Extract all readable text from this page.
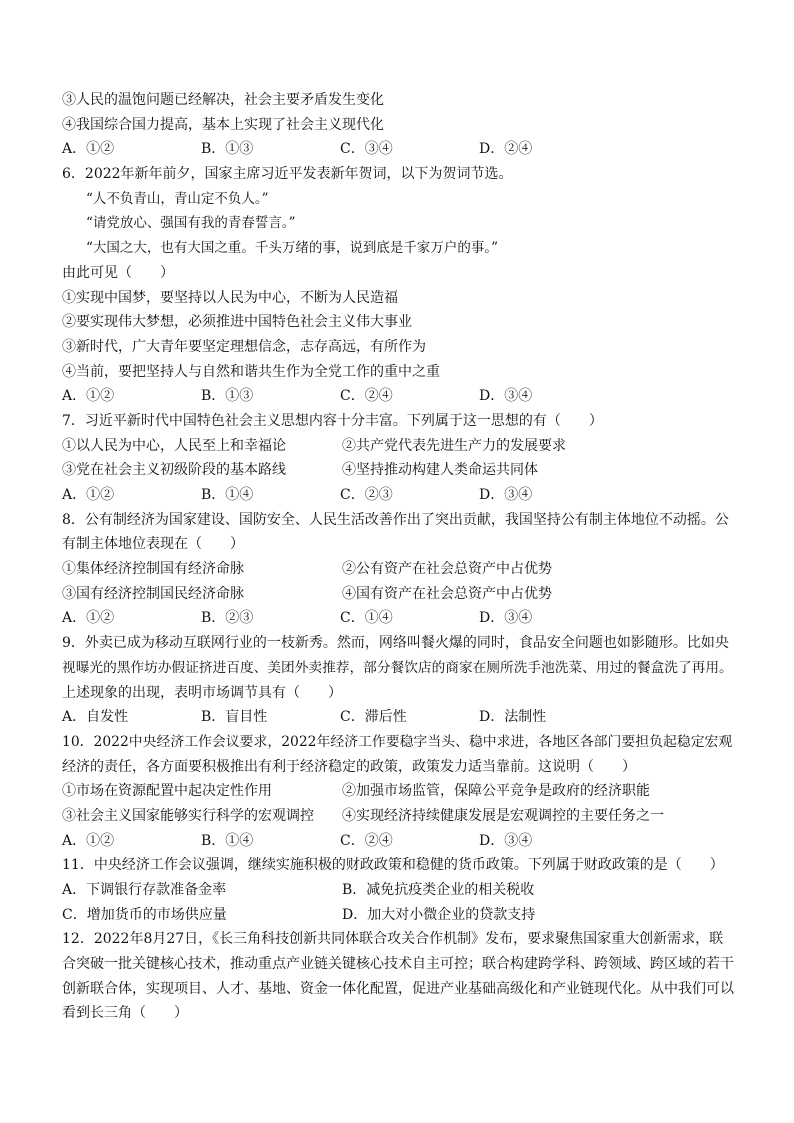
③人民的温饱问题已经解决，社会主要矛盾发生变化
④我国综合国力提高，基本上实现了社会主义现代化
A．①②	B．①③	C．③④	D．②④
6．2022年新年前夕，国家主席习近平发表新年贺词，以下为贺词节选。
“人不负青山，青山定不负人。”
“请党放心、强国有我的青春誓言。”
“大国之大，也有大国之重。千头万绪的事，说到底是千家万户的事。”
由此可见（　　）
①实现中国梦，要坚持以人民为中心，不断为人民造福
②要实现伟大梦想，必须推进中国特色社会主义伟大事业
③新时代，广大青年要坚定理想信念，志存高远，有所作为
④当前，要把坚持人与自然和谐共生作为全党工作的重中之重
A．①②	B．①③	C．②④	D．③④
7．习近平新时代中国特色社会主义思想内容十分丰富。下列属于这一思想的有（　　）
①以人民为中心，人民至上和幸福论	②共产党代表先进生产力的发展要求
③党在社会主义初级阶段的基本路线	④坚持推动构建人类命运共同体
A．①②	B．①④	C．②③	D．③④
8．公有制经济为国家建设、国防安全、人民生活改善作出了突出贡献，我国坚持公有制主体地位不动摇。公
有制主体地位表现在（　　）
①集体经济控制国有经济命脉	②公有资产在社会总资产中占优势
③国有经济控制国民经济命脉	④国有资产在社会总资产中占优势
A．①②	B．②③	C．①④	D．③④
9．外卖已成为移动互联网行业的一枝新秀。然而，网络叫餐火爆的同时，食品安全问题也如影随形。比如央
视曝光的黑作坊办假证挤进百度、美团外卖推荐，部分餐饮店的商家在厕所洗手池洗菜、用过的餐盒洗了再用。
上述现象的出现，表明市场调节具有（　　）
A．自发性	B．盲目性	C．滞后性	D．法制性
10．2022中央经济工作会议要求，2022年经济工作要稳字当头、稳中求进，各地区各部门要担负起稳定宏观
经济的责任，各方面要积极推出有利于经济稳定的政策，政策发力适当靠前。这说明（　　）
①市场在资源配置中起决定性作用	②加强市场监管，保障公平竞争是政府的经济职能
③社会主义国家能够实行科学的宏观调控	④实现经济持续健康发展是宏观调控的主要任务之一
A．①②	B．①④	C．②④	D．③④
11．中央经济工作会议强调，继续实施积极的财政政策和稳健的货币政策。下列属于财政政策的是（　　）
A．下调银行存款准备金率	B．减免抗疫类企业的相关税收
C．增加货币的市场供应量	D．加大对小微企业的贷款支持
12．2022年8月27日，《长三角科技创新共同体联合攻关合作机制》发布，要求聚焦国家重大创新需求，联
合突破一批关键核心技术，推动重点产业链关键核心技术自主可控；联合构建跨学科、跨领域、跨区域的若干
创新联合体，实现项目、人才、基地、资金一体化配置，促进产业基础高级化和产业链现代化。从中我们可以
看到长三角（　　）
